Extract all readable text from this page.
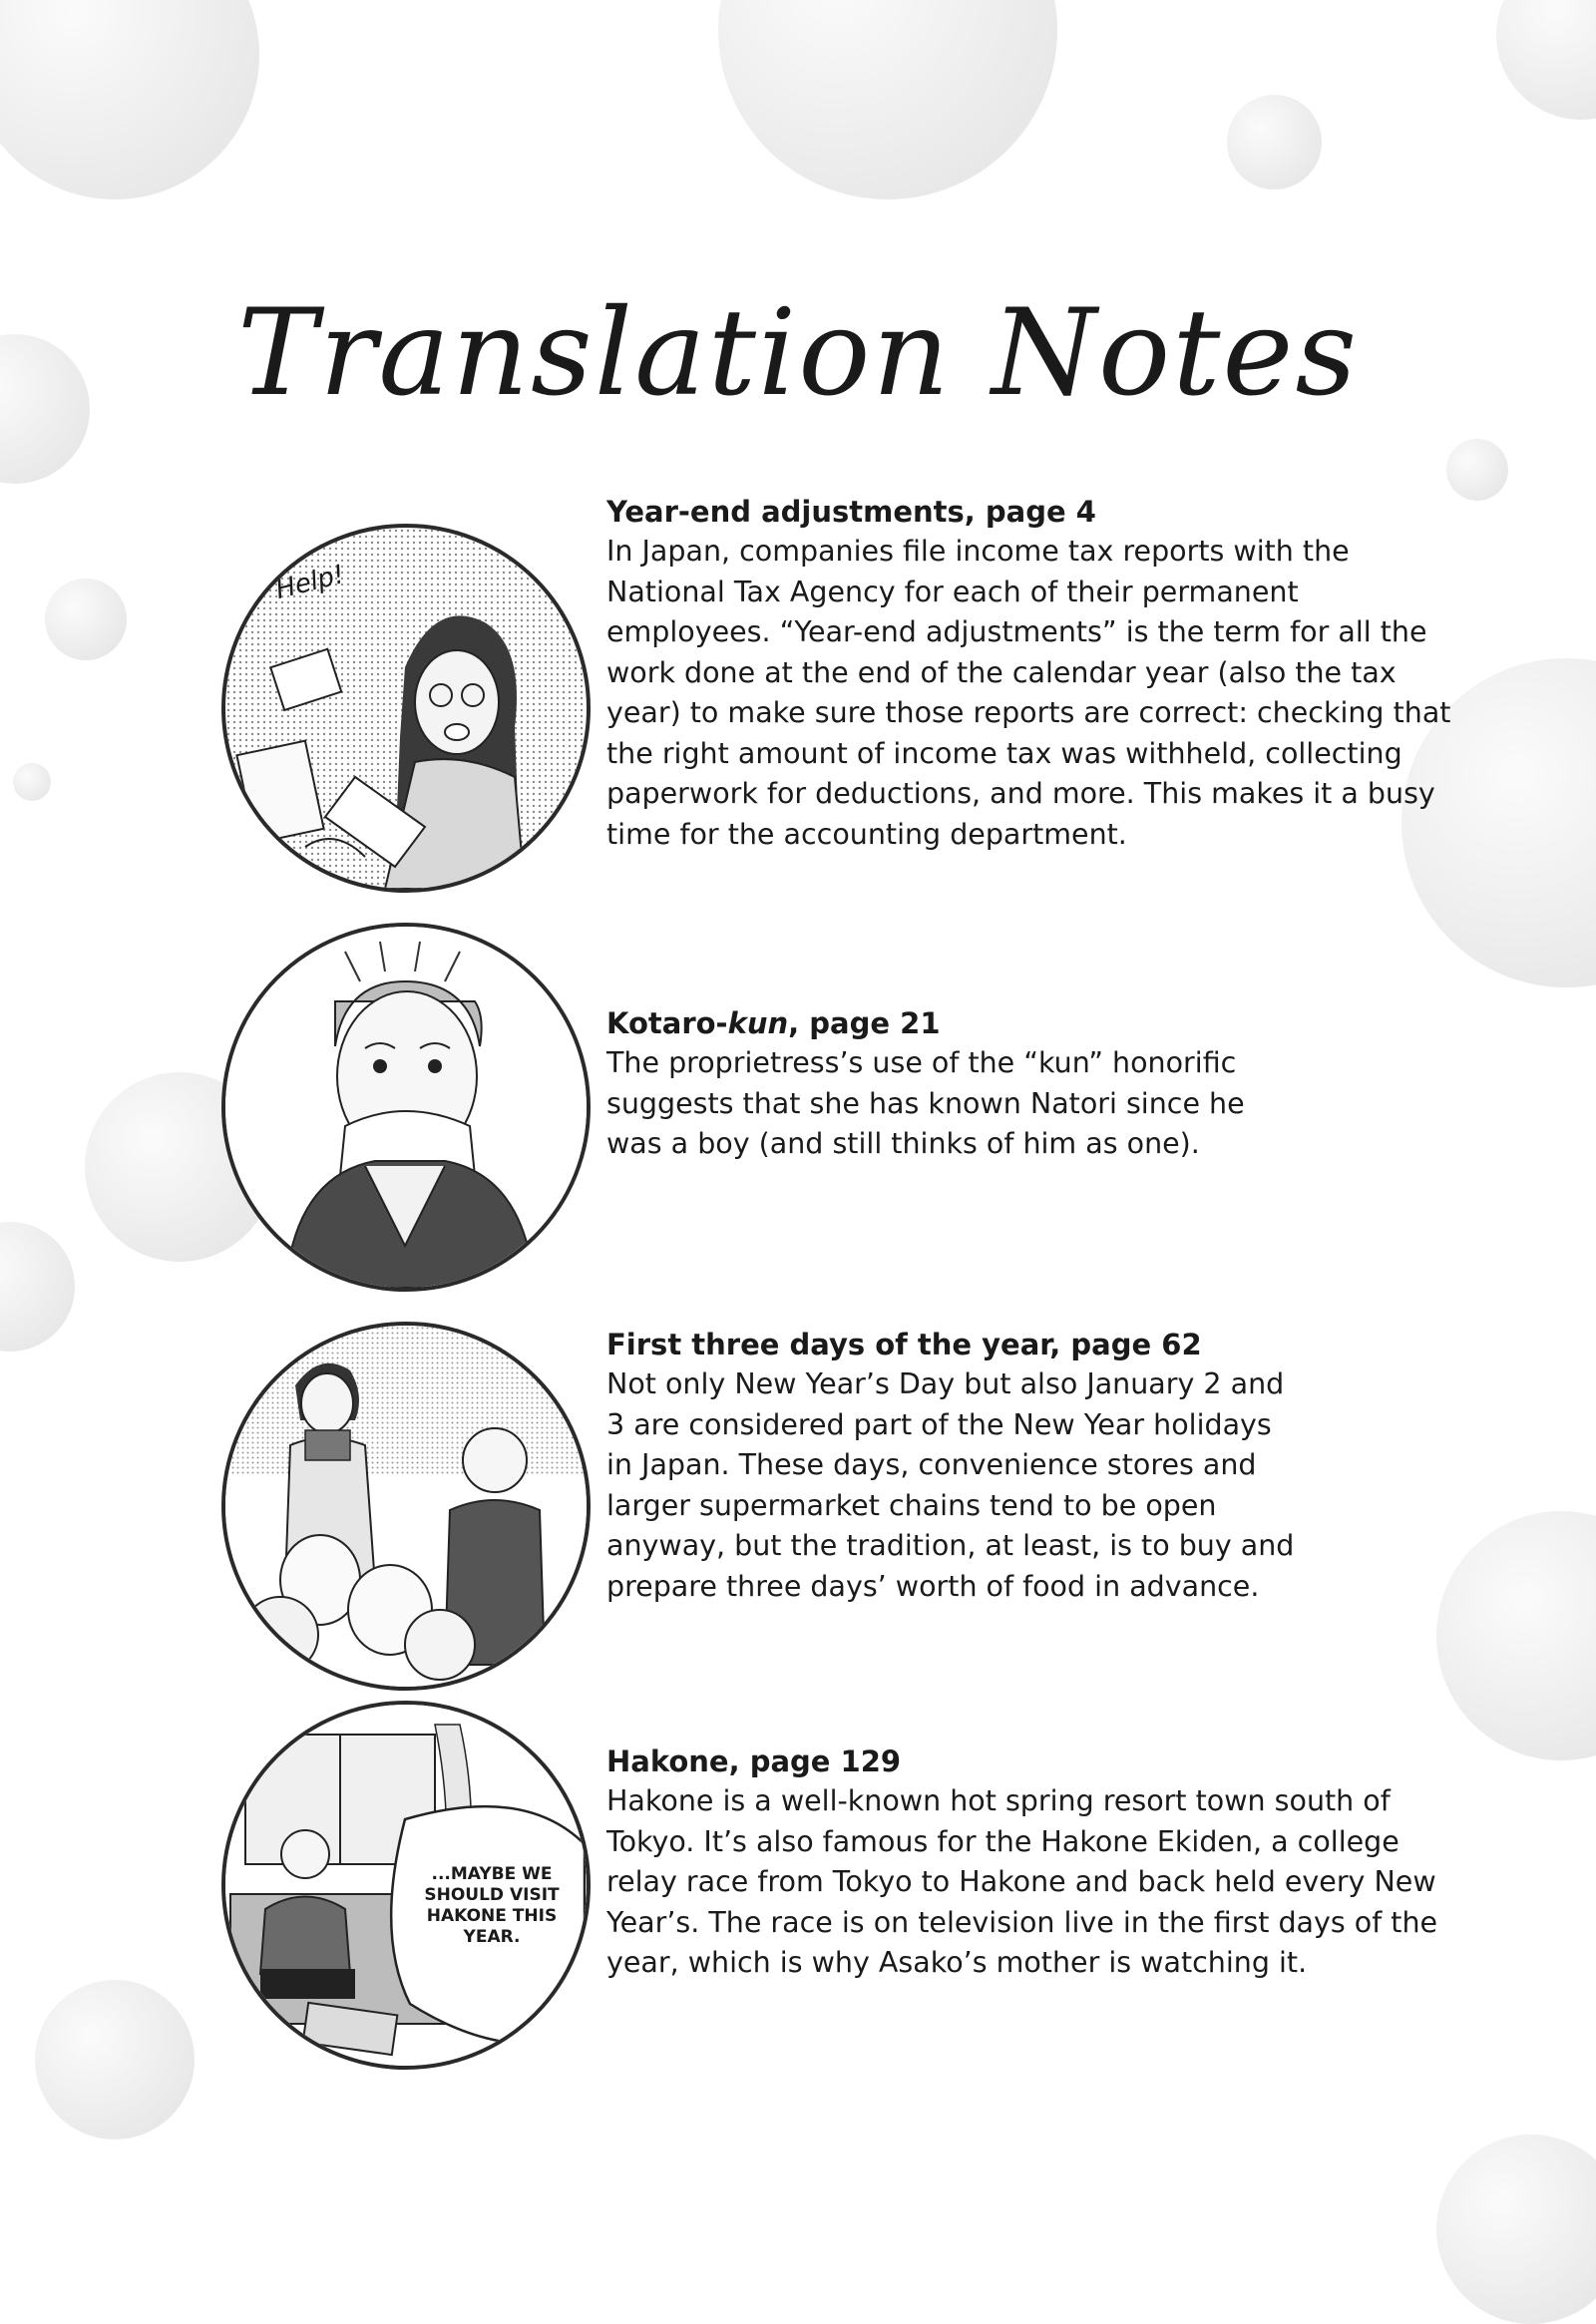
Translation Notes
Help!
...MAYBE WE
SHOULD VISIT
HAKONE THIS
YEAR.

Year-end adjustments, page 4

In Japan, companies file income tax reports with the National Tax Agency for each of their permanent employees. “Year-end adjustments” is the term for all the work done at the end of the calendar year (also the tax year) to make sure those reports are correct: checking that the right amount of income tax was withheld, collecting paperwork for deductions, and more. This makes it a busy time for the accounting department.

Kotaro-kun, page 21

The proprietress’s use of the “kun” honorific suggests that she has known Natori since he was a boy (and still thinks of him as one).

First three days of the year, page 62

Not only New Year’s Day but also January 2 and 3 are considered part of the New Year holidays in Japan. These days, convenience stores and larger supermarket chains tend to be open anyway, but the tradition, at least, is to buy and prepare three days’ worth of food in advance.

Hakone, page 129

Hakone is a well-known hot spring resort town south of Tokyo. It’s also famous for the Hakone Ekiden, a college relay race from Tokyo to Hakone and back held every New Year’s. The race is on television live in the first days of the year, which is why Asako’s mother is watching it.
